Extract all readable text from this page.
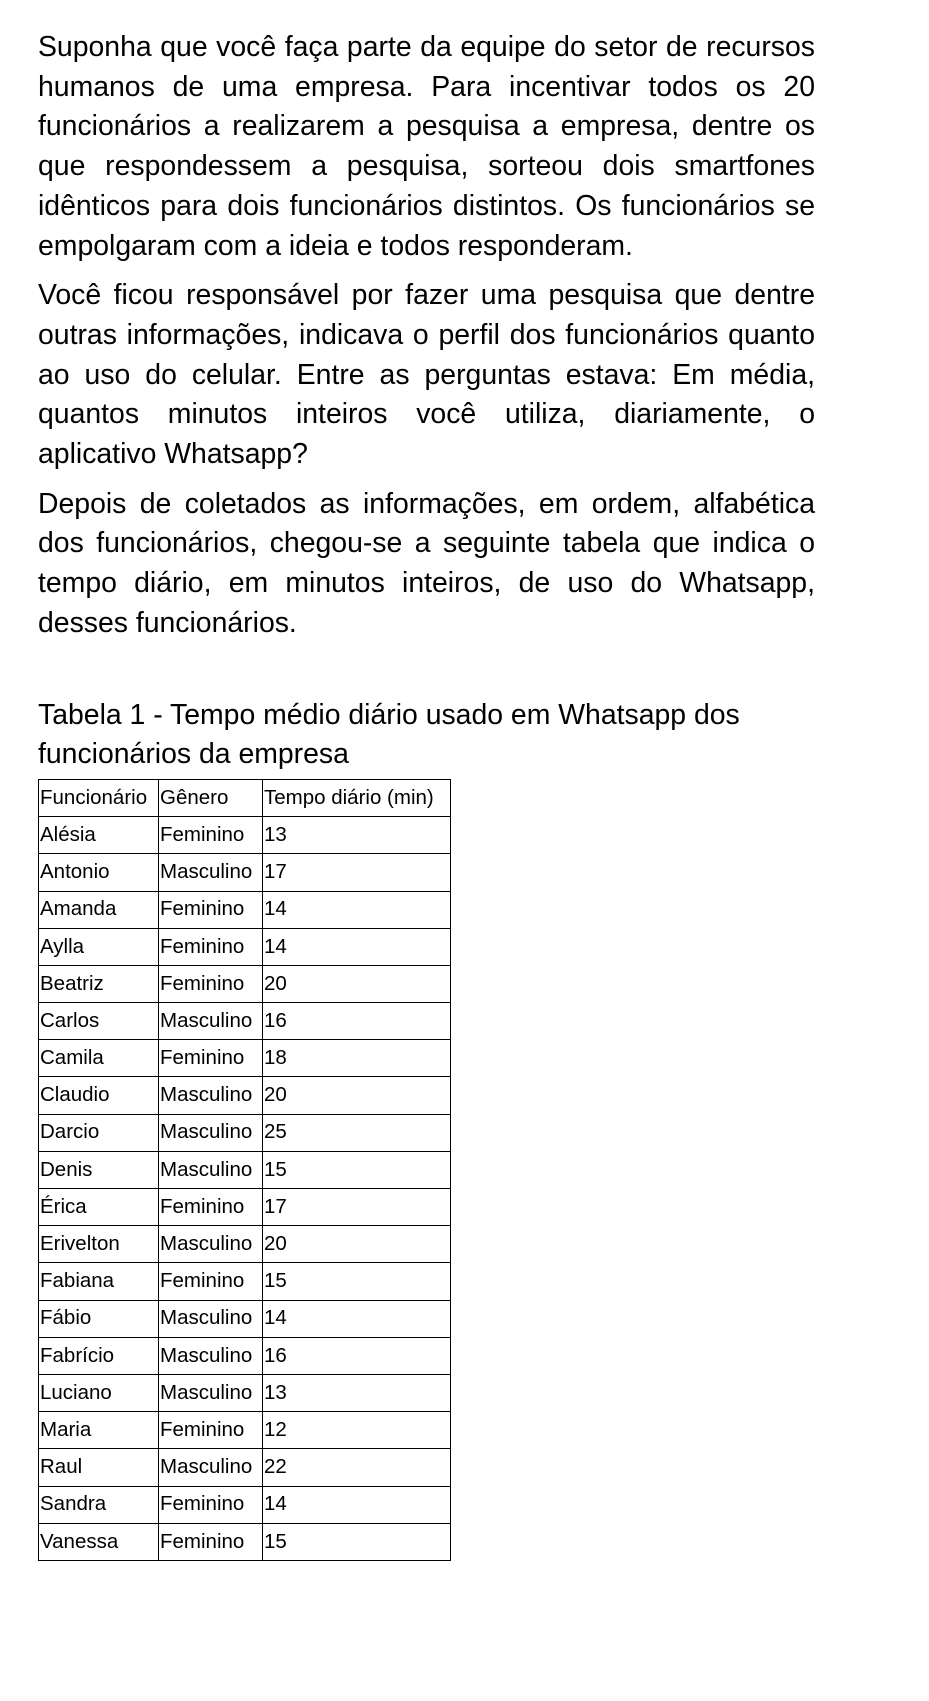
Suponha que você faça parte da equipe do setor de recursos humanos de uma empresa. Para incentivar todos os 20 funcionários a realizarem a pesquisa a empresa, dentre os que respondessem a pesquisa, sorteou dois smartfones idênticos para dois funcionários distintos. Os funcionários se empolgaram com a ideia e todos responderam.

Você ficou responsável por fazer uma pesquisa que dentre outras informações, indicava o perfil dos funcionários quanto ao uso do celular. Entre as perguntas estava: Em média, quantos minutos inteiros você utiliza, diariamente, o aplicativo Whatsapp?

Depois de coletados as informações, em ordem, alfabética dos funcionários, chegou-se a seguinte tabela que indica o tempo diário, em minutos inteiros, de uso do Whatsapp, desses funcionários.

Tabela 1 - Tempo médio diário usado em Whatsapp dos funcionários da empresa
Funcionário	Gênero	Tempo diário (min)
Alésia	Feminino	13
Antonio	Masculino	17
Amanda	Feminino	14
Aylla	Feminino	14
Beatriz	Feminino	20
Carlos	Masculino	16
Camila	Feminino	18
Claudio	Masculino	20
Darcio	Masculino	25
Denis	Masculino	15
Érica	Feminino	17
Erivelton	Masculino	20
Fabiana	Feminino	15
Fábio	Masculino	14
Fabrício	Masculino	16
Luciano	Masculino	13
Maria	Feminino	12
Raul	Masculino	22
Sandra	Feminino	14
Vanessa	Feminino	15
